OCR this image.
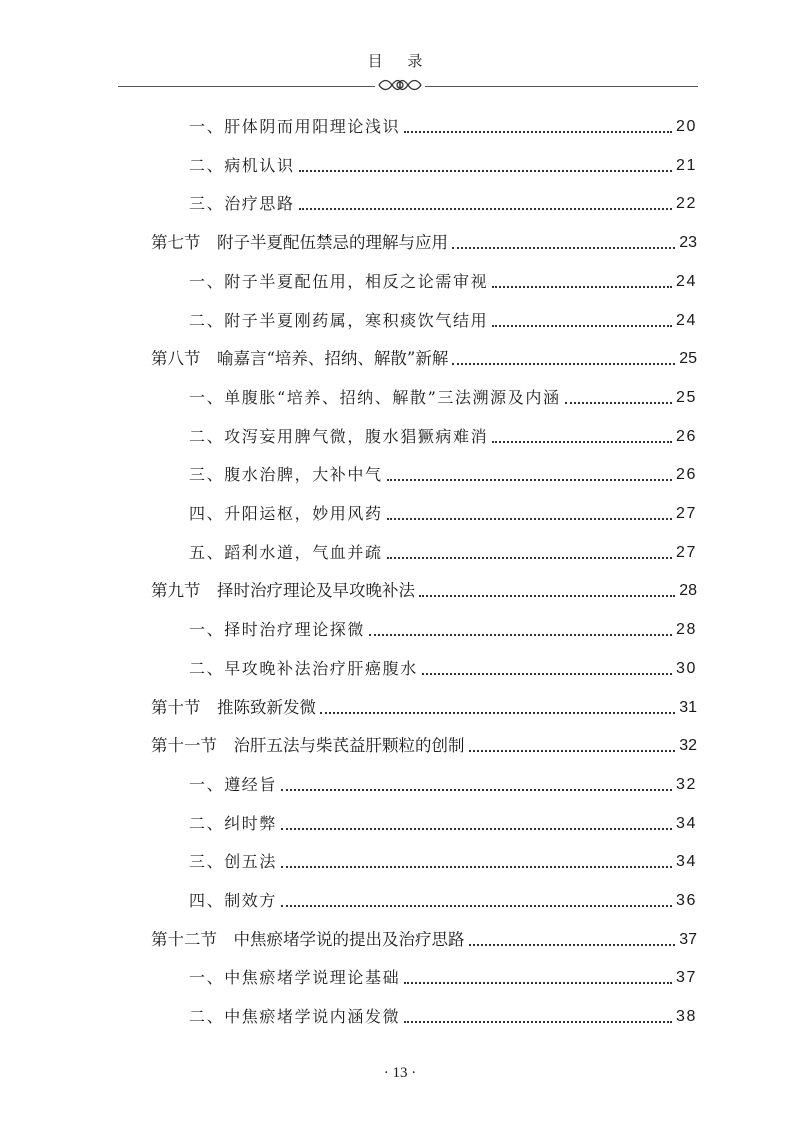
目 录
一、肝体阴而用阳理论浅识	20
二、病机认识	21
三、治疗思路	22
第七节　附子半夏配伍禁忌的理解与应用	23
一、附子半夏配伍用，相反之论需审视	24
二、附子半夏刚药属，寒积痰饮气结用	24
第八节　喻嘉言“培养、招纳、解散”新解	25
一、单腹胀“培养、招纳、解散”三法溯源及内涵	25
二、攻泻妄用脾气微，腹水猖獗病难消	26
三、腹水治脾，大补中气	26
四、升阳运枢，妙用风药	27
五、蹈利水道，气血并疏	27
第九节　择时治疗理论及早攻晚补法	28
一、择时治疗理论探微	28
二、早攻晚补法治疗肝癌腹水	30
第十节　推陈致新发微	31
第十一节　治肝五法与柴芪益肝颗粒的创制	32
一、遵经旨	32
二、纠时弊	34
三、创五法	34
四、制效方	36
第十二节　中焦瘀堵学说的提出及治疗思路	37
一、中焦瘀堵学说理论基础	37
二、中焦瘀堵学说内涵发微	38
· 13 ·
